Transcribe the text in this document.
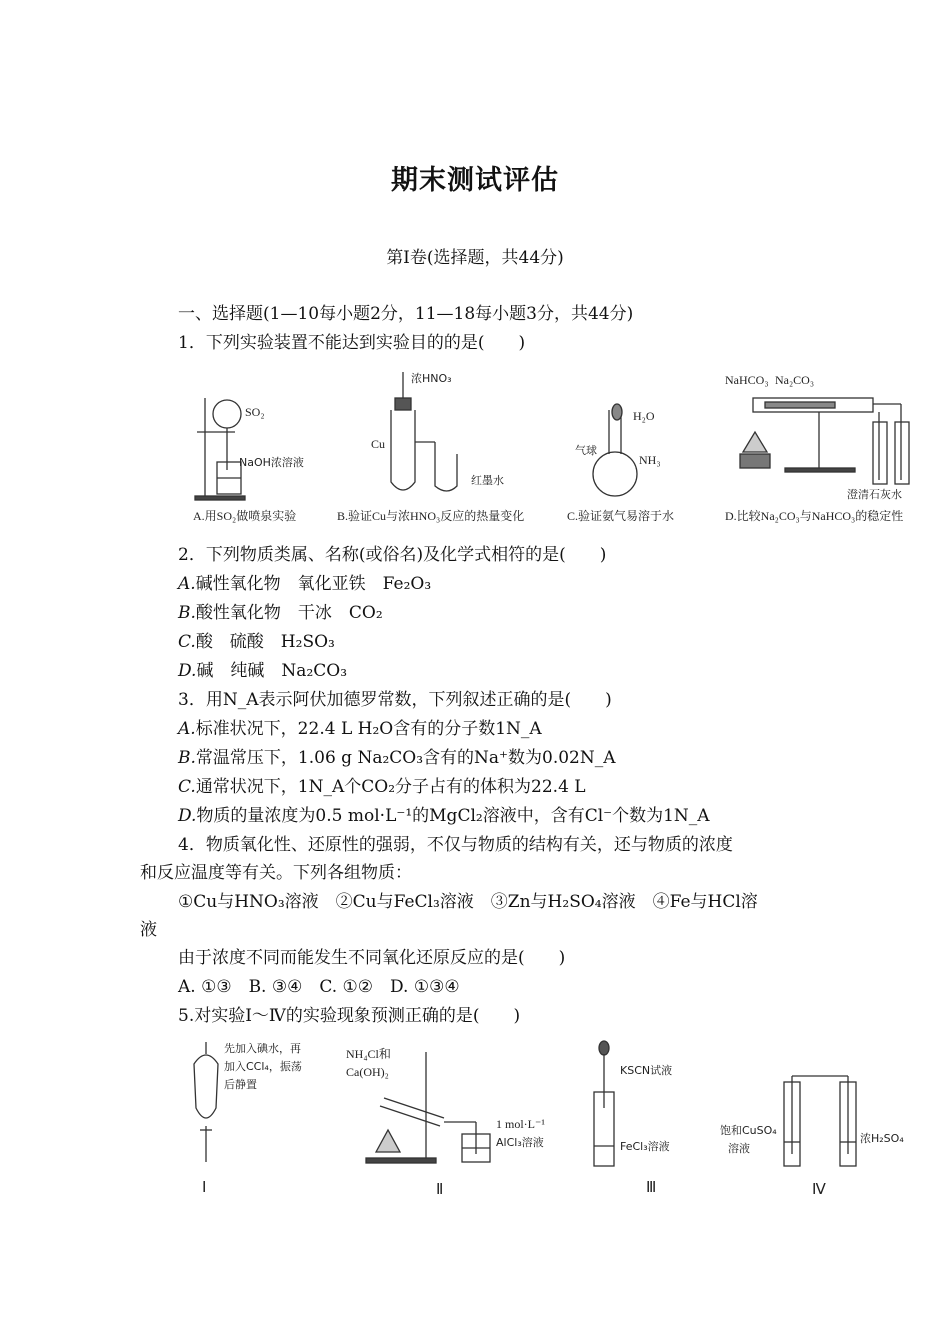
期末测试评估
第Ⅰ卷(选择题，共44分)
一、选择题(1—10每小题2分，11—18每小题3分，共44分)
1．下列实验装置不能达到实验目的的是(　　)
SO₂
NaOH浓溶液
A.用SO₂做喷泉实验
浓HNO₃
Cu
红墨水
B.验证Cu与浓HNO₃反应的热量变化
H₂O
气球
NH₃
C.验证氨气易溶于水
NaHCO₃ Na₂CO₃
澄清石灰水
D.比较Na₂CO₃与NaHCO₃的稳定性
2．下列物质类属、名称(或俗名)及化学式相符的是(　　)
A.碱性氧化物　氧化亚铁　Fe₂O₃
B.酸性氧化物　干冰　CO₂
C.酸　硫酸　H₂SO₃
D.碱　纯碱　Na₂CO₃
3．用N_A表示阿伏加德罗常数，下列叙述正确的是(　　)
A.标准状况下，22.4 L H₂O含有的分子数1N_A
B.常温常压下，1.06 g Na₂CO₃含有的Na⁺数为0.02N_A
C.通常状况下，1N_A个CO₂分子占有的体积为22.4 L
D.物质的量浓度为0.5 mol·L⁻¹的MgCl₂溶液中，含有Cl⁻个数为1N_A
4．物质氧化性、还原性的强弱，不仅与物质的结构有关，还与物质的浓度
和反应温度等有关。下列各组物质：
①Cu与HNO₃溶液　②Cu与FeCl₃溶液　③Zn与H₂SO₄溶液　④Fe与HCl溶
液
由于浓度不同而能发生不同氧化还原反应的是(　　)
A. ①③　B. ③④　C. ①②　D. ①③④
5.对实验Ⅰ～Ⅳ的实验现象预测正确的是(　　)
先加入碘水，再
加入CCl₄，振荡
后静置
Ⅰ
NH₄Cl和
Ca(OH)₂
1 mol·L⁻¹
AlCl₃溶液
Ⅱ
KSCN试液
FeCl₃溶液
Ⅲ
饱和CuSO₄
溶液
浓H₂SO₄
Ⅳ
